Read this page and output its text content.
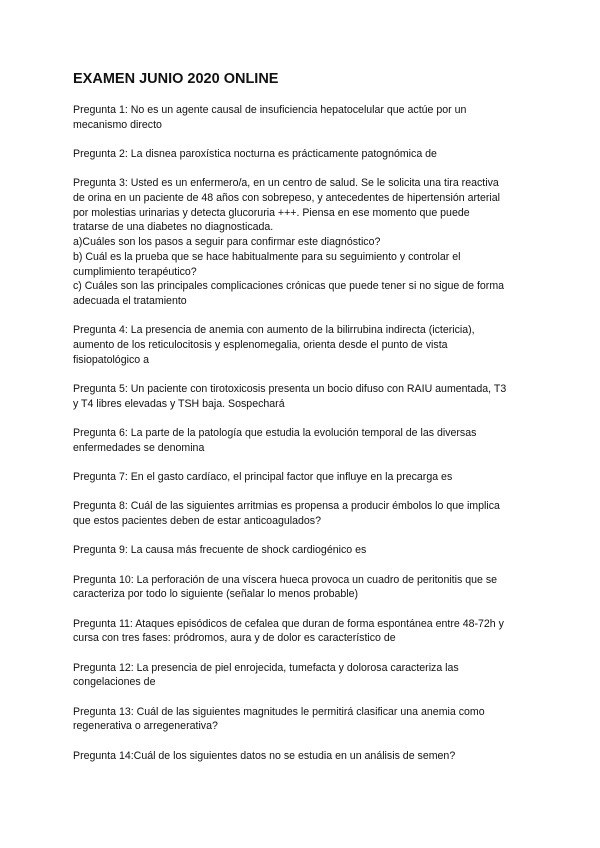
EXAMEN JUNIO 2020 ONLINE
Pregunta 1: No es un agente causal de insuficiencia hepatocelular que actúe por un
mecanismo directo
Pregunta 2: La disnea paroxística nocturna es prácticamente patognómica de
Pregunta 3: Usted es un enfermero/a, en un centro de salud. Se le solicita una tira reactiva
de orina en un paciente de 48 años con sobrepeso, y antecedentes de hipertensión arterial
por molestias urinarias y detecta glucoruria +++. Piensa en ese momento que puede
tratarse de una diabetes no diagnosticada.
a)Cuáles son los pasos a seguir para confirmar este diagnóstico?
b) Cuál es la prueba que se hace habitualmente para su seguimiento y controlar el
cumplimiento terapéutico?
c) Cuáles son las principales complicaciones crónicas que puede tener si no sigue de forma
adecuada el tratamiento
Pregunta 4: La presencia de anemia con aumento de la bilirrubina indirecta (ictericia),
aumento de los reticulocitosis y esplenomegalia, orienta desde el punto de vista
fisiopatológico a
Pregunta 5: Un paciente con tirotoxicosis presenta un bocio difuso con RAIU aumentada, T3
y T4 libres elevadas y TSH baja. Sospechará
Pregunta 6: La parte de la patología que estudia la evolución temporal de las diversas
enfermedades se denomina
Pregunta 7: En el gasto cardíaco, el principal factor que influye en la precarga es
Pregunta 8: Cuál de las siguientes arritmias es propensa a producir émbolos lo que implica
que estos pacientes deben de estar anticoagulados?
Pregunta 9: La causa más frecuente de shock cardiogénico es
Pregunta 10: La perforación de una víscera hueca provoca un cuadro de peritonitis que se
caracteriza por todo lo siguiente (señalar lo menos probable)
Pregunta 11: Ataques episódicos de cefalea que duran de forma espontánea entre 48-72h y
cursa con tres fases: pródromos, aura y de dolor es característico de
Pregunta 12: La presencia de piel enrojecida, tumefacta y dolorosa caracteriza las
congelaciones de
Pregunta 13: Cuál de las siguientes magnitudes le permitirá clasificar una anemia como
regenerativa o arregenerativa?
Pregunta 14:Cuál de los siguientes datos no se estudia en un análisis de semen?
